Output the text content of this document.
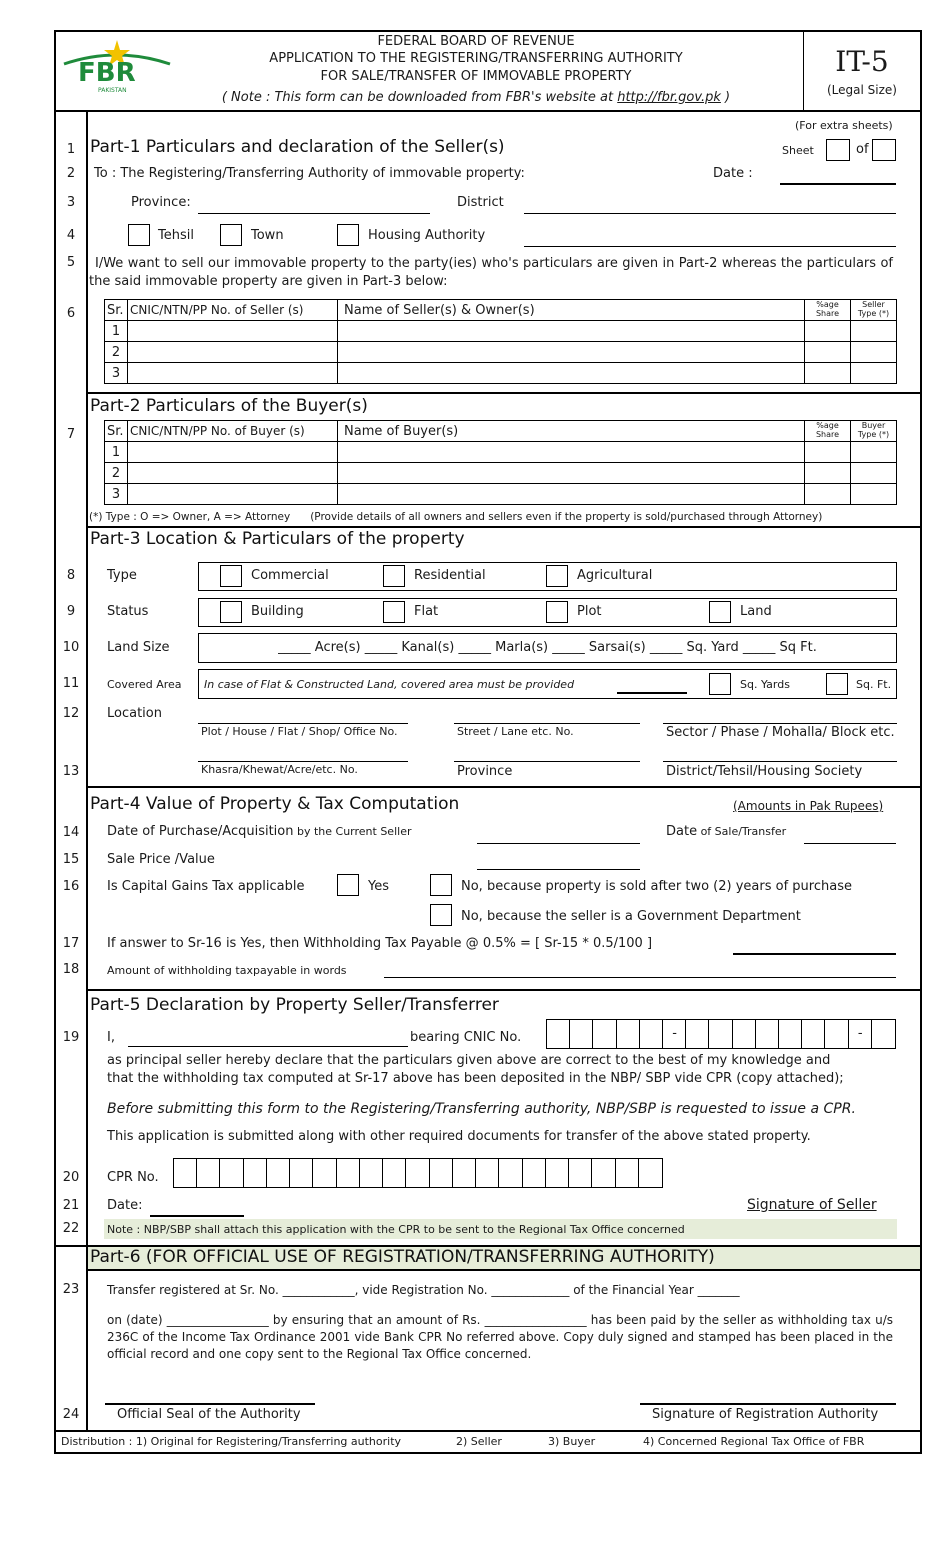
FBR
PAKISTAN
FEDERAL BOARD OF REVENUE
APPLICATION TO THE REGISTERING/TRANSFERRING AUTHORITY
FOR SALE/TRANSFER OF IMMOVABLE PROPERTY
( Note : This form can be downloaded from FBR's website at http://fbr.gov.pk )
IT-5
(Legal Size)
1
2
3
4
5
6
7
8
9
10
11
12
13
14
15
16
17
18
19
20
21
22
23
24
(For extra sheets)
Part-1 Particulars and declaration of the Seller(s)	Sheet	of
To : The Registering/Transferring Authority of immovable property:	Date :
Province:	District
Tehsil	Town	Housing Authority
I/We want to sell our immovable property to the party(ies) who's particulars are given in Part-2 whereas the particulars of the said immovable property are given in Part-3 below:
Sr.	CNIC/NTN/PP No. of Seller (s)	Name of Seller(s) & Owner(s)	%age Share	Seller Type (*)
1				
2				
3				
Part-2 Particulars of the Buyer(s)
Sr.	CNIC/NTN/PP No. of Buyer (s)	Name of Buyer(s)	%age Share	Buyer Type (*)
1				
2				
3				
(*) Type : O => Owner, A => Attorney      (Provide details of all owners and sellers even if the property is sold/purchased through Attorney)
Part-3 Location & Particulars of the property
Type	Commercial	Residential	Agricultural
Status	Building	Flat	Plot	Land
Land Size	_____ Acre(s) _____ Kanal(s) _____ Marla(s) _____ Sarsai(s) _____ Sq. Yard _____ Sq Ft.
Covered Area In case of Flat & Constructed Land, covered area must be provided	Sq. Yards	Sq. Ft.
Location
Plot / House / Flat / Shop/ Office No.	Street / Lane etc. No.	Sector / Phase / Mohalla/ Block etc.
Khasra/Khewat/Acre/etc. No.	Province	District/Tehsil/Housing Society
Part-4 Value of Property & Tax Computation	(Amounts in Pak Rupees)
Date of Purchase/Acquisition by the Current Seller	Date of Sale/Transfer
Sale Price /Value
Is Capital Gains Tax applicable	Yes	No, because property is sold after two (2) years of purchase
No, because the seller is a Government Department
If answer to Sr-16 is Yes, then Withholding Tax Payable @ 0.5% = [ Sr-15 * 0.5/100 ]
Amount of withholding taxpayable in words
Part-5 Declaration by Property Seller/Transferrer
I,	bearing CNIC No.	-	-
as principal seller hereby declare that the particulars given above are correct to the best of my knowledge and
that the withholding tax computed at Sr-17 above has been deposited in the NBP/ SBP vide CPR (copy attached);
Before submitting this form to the Registering/Transferring authority, NBP/SBP is requested to issue a CPR.
This application is submitted along with other required documents for transfer of the above stated property.
CPR No.
Date:	Signature of Seller
Note : NBP/SBP shall attach this application with the CPR to be sent to the Regional Tax Office concerned
Part-6 (FOR OFFICIAL USE OF REGISTRATION/TRANSFERRING AUTHORITY)
Transfer registered at Sr. No. ____________, vide Registration No. _____________ of the Financial Year _______
on (date) _________________ by ensuring that an amount of Rs. _________________ has been paid by the seller as withholding tax u/s 236C of the Income Tax Ordinance 2001 vide Bank CPR No referred above. Copy duly signed and stamped has been placed in the official record and one copy sent to the Regional Tax Office concerned.
Official Seal of the Authority	Signature of Registration Authority
Distribution : 1) Original for Registering/Transferring authority	2) Seller	3) Buyer	4) Concerned Regional Tax Office of FBR
